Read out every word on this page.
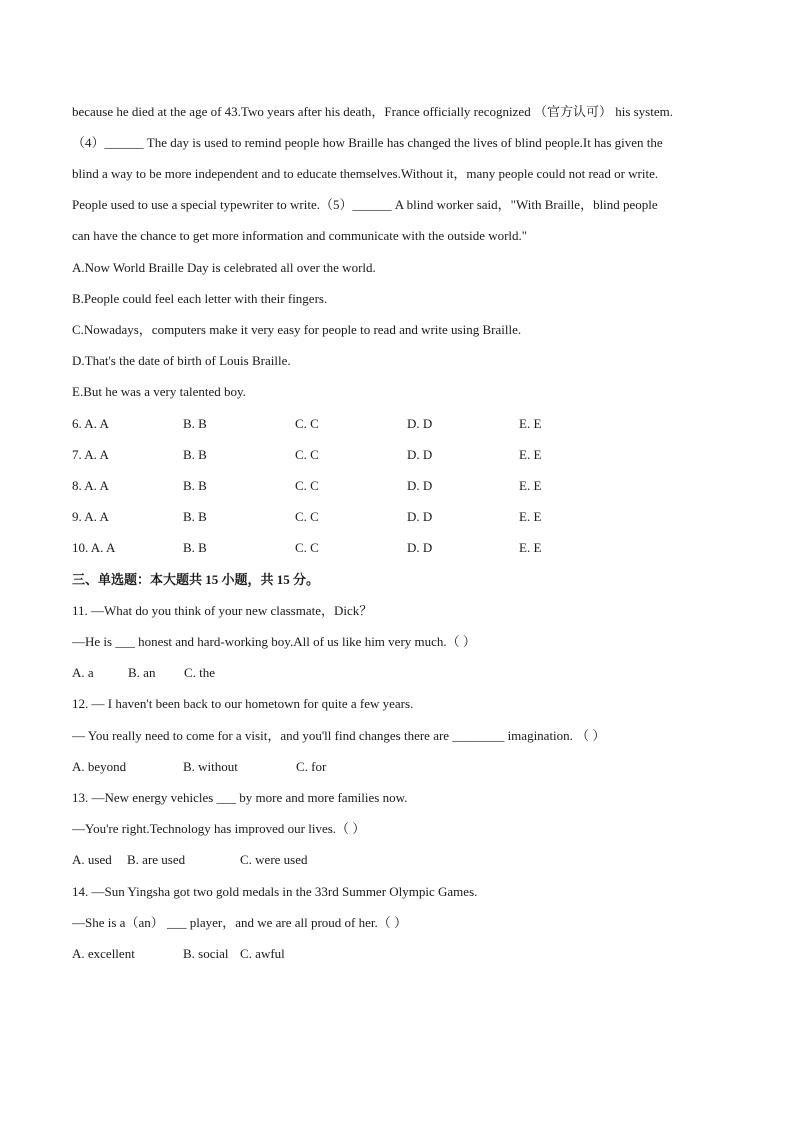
because he died at the age of 43.Two years after his death，France officially recognized （官方认可） his system.
（4）______ The day is used to remind people how Braille has changed the lives of blind people.It has given the
blind a way to be more independent and to educate themselves.Without it，many people could not read or write.
People used to use a special typewriter to write.（5）______ A blind worker said，"With Braille，blind people
can have the chance to get more information and communicate with the outside world."
A.Now World Braille Day is celebrated all over the world.
B.People could feel each letter with their fingers.
C.Nowadays，computers make it very easy for people to read and write using Braille.
D.That's the date of birth of Louis Braille.
E.But he was a very talented boy.
6. A. A	B. B	C. C	D. D	E. E
7. A. A	B. B	C. C	D. D	E. E
8. A. A	B. B	C. C	D. D	E. E
9. A. A	B. B	C. C	D. D	E. E
10. A. A	B. B	C. C	D. D	E. E
三、单选题：本大题共 15 小题，共 15 分。
11. —What do you think of your new classmate，Dick？
—He is ___ honest and hard-working boy.All of us like him very much.（ ）
A. a	B. an C. the
12. — I haven't been back to our hometown for quite a few years.
— You really need to come for a visit，and you'll find changes there are ________ imagination. （ ）
A. beyond	B. without	C. for
13. —New energy vehicles ___ by more and more families now.
—You're right.Technology has improved our lives.（ ）
A. used B. are used	C. were used
14. —Sun Yingsha got two gold medals in the 33rd Summer Olympic Games.
—She is a（an） ___ player，and we are all proud of her.（ ）
A. excellent	B. social C. awful
